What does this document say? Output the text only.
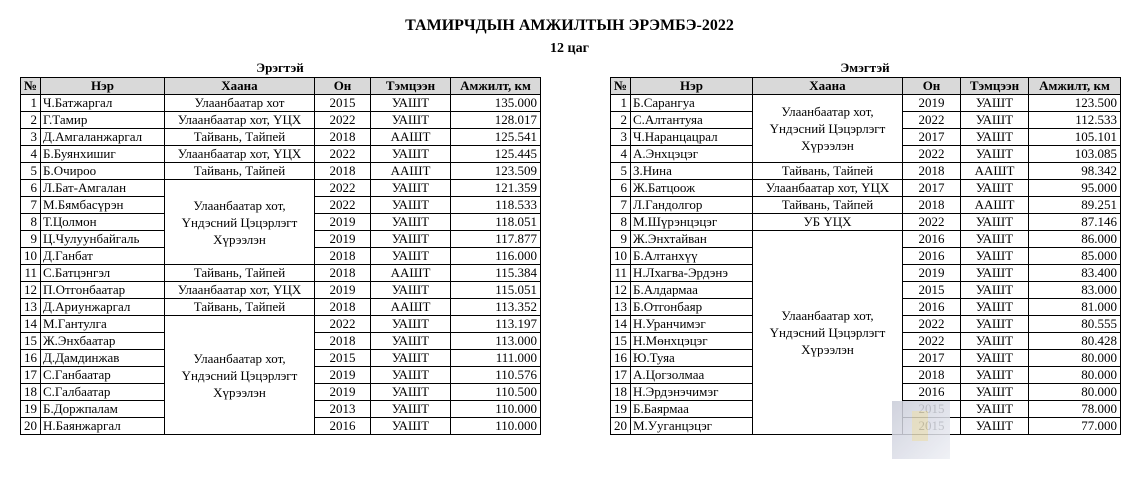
ТАМИРЧДЫН АМЖИЛТЫН ЭРЭМБЭ-2022
12 цаг
Эрэгтэй	Эмэгтэй
№	Нэр	Хаана	Он	Тэмцээн	Амжилт, км
1	Ч.Батжаргал	Улаанбаатар хот	2015	УАШТ	135.000
2	Г.Тамир	Улаанбаатар хот, ҮЦХ	2022	УАШТ	128.017
3	Д.Амгаланжаргал	Тайвань, Тайпей	2018	ААШТ	125.541
4	Б.Буянхишиг	Улаанбаатар хот, ҮЦХ	2022	УАШТ	125.445
5	Б.Очироо	Тайвань, Тайпей	2018	ААШТ	123.509
6	Л.Бат-Амгалан	Улаанбаатар хот, Үндэсний Цэцэрлэгт Хүрээлэн	2022	УАШТ	121.359
7	М.Бямбасүрэн		2022	УАШТ	118.533
8	Т.Цолмон		2019	УАШТ	118.051
9	Ц.Чулуунбайгаль		2019	УАШТ	117.877
10	Д.Ганбат		2018	УАШТ	116.000
11	С.Батцэнгэл	Тайвань, Тайпей	2018	ААШТ	115.384
12	П.Отгонбаатар	Улаанбаатар хот, ҮЦХ	2019	УАШТ	115.051
13	Д.Ариунжаргал	Тайвань, Тайпей	2018	ААШТ	113.352
14	М.Гантулга	Улаанбаатар хот, Үндэсний Цэцэрлэгт Хүрээлэн	2022	УАШТ	113.197
15	Ж.Энхбаатар		2018	УАШТ	113.000
16	Д.Дамдинжав		2015	УАШТ	111.000
17	С.Ганбаатар		2019	УАШТ	110.576
18	С.Галбаатар		2019	УАШТ	110.500
19	Б.Доржпалам		2013	УАШТ	110.000
20	Н.Баянжаргал		2016	УАШТ	110.000
№	Нэр	Хаана	Он	Тэмцээн	Амжилт, км
1	Б.Сарангуа	Улаанбаатар хот, Үндэсний Цэцэрлэгт Хүрээлэн	2019	УАШТ	123.500
2	С.Алтантуяа		2022	УАШТ	112.533
3	Ч.Наранцацрал		2017	УАШТ	105.101
4	А.Энхцэцэг		2022	УАШТ	103.085
5	З.Нина	Тайвань, Тайпей	2018	ААШТ	98.342
6	Ж.Батцоож	Улаанбаатар хот, ҮЦХ	2017	УАШТ	95.000
7	Л.Гандолгор	Тайвань, Тайпей	2018	ААШТ	89.251
8	М.Шүрэнцэцэг	УБ ҮЦХ	2022	УАШТ	87.146
9	Ж.Энхтайван	Улаанбаатар хот, Үндэсний Цэцэрлэгт Хүрээлэн	2016	УАШТ	86.000
10	Б.Алтанхүү		2016	УАШТ	85.000
11	Н.Лхагва-Эрдэнэ		2019	УАШТ	83.400
12	Б.Алдармаа		2015	УАШТ	83.000
13	Б.Отгонбаяр		2016	УАШТ	81.000
14	Н.Уранчимэг		2022	УАШТ	80.555
15	Н.Мөнхцэцэг		2022	УАШТ	80.428
16	Ю.Туяа		2017	УАШТ	80.000
17	А.Цогзолмаа		2018	УАШТ	80.000
18	Н.Эрдэнэчимэг		2016	УАШТ	80.000
19	Б.Баярмаа			УАШТ	78.000
20	М.Ууганцэцэг			УАШТ	77.000
